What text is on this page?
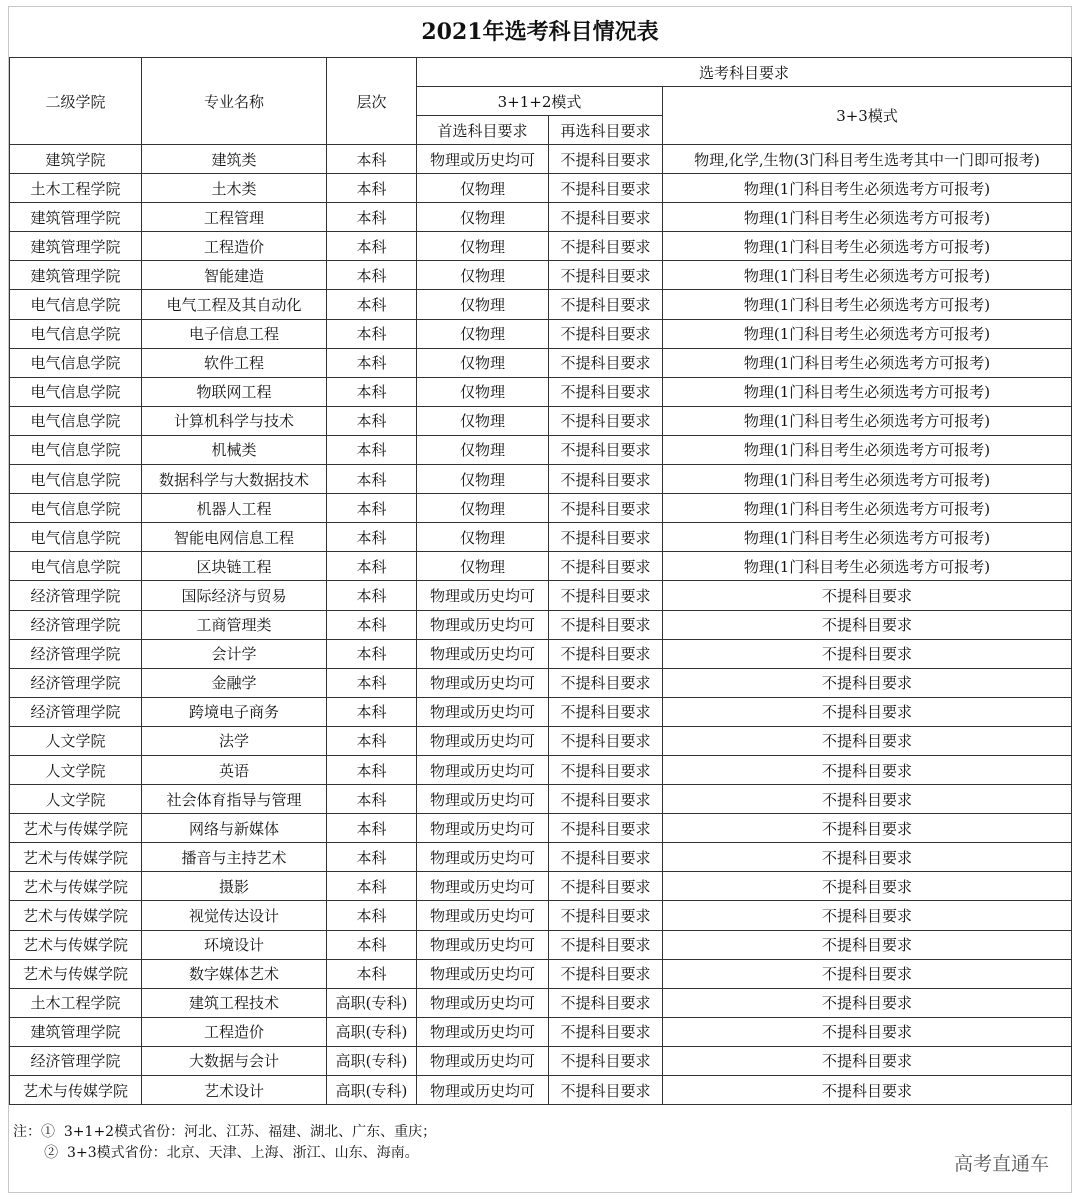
2021年选考科目情况表
二级学院	专业名称	层次	选考科目要求		
			3+1+2模式		3+3模式
			首选科目要求	再选科目要求	
建筑学院	建筑类	本科	物理或历史均可	不提科目要求	物理,化学,生物(3门科目考生选考其中一门即可报考)
土木工程学院	土木类	本科	仅物理	不提科目要求	物理(1门科目考生必须选考方可报考)
建筑管理学院	工程管理	本科	仅物理	不提科目要求	物理(1门科目考生必须选考方可报考)
建筑管理学院	工程造价	本科	仅物理	不提科目要求	物理(1门科目考生必须选考方可报考)
建筑管理学院	智能建造	本科	仅物理	不提科目要求	物理(1门科目考生必须选考方可报考)
电气信息学院	电气工程及其自动化	本科	仅物理	不提科目要求	物理(1门科目考生必须选考方可报考)
电气信息学院	电子信息工程	本科	仅物理	不提科目要求	物理(1门科目考生必须选考方可报考)
电气信息学院	软件工程	本科	仅物理	不提科目要求	物理(1门科目考生必须选考方可报考)
电气信息学院	物联网工程	本科	仅物理	不提科目要求	物理(1门科目考生必须选考方可报考)
电气信息学院	计算机科学与技术	本科	仅物理	不提科目要求	物理(1门科目考生必须选考方可报考)
电气信息学院	机械类	本科	仅物理	不提科目要求	物理(1门科目考生必须选考方可报考)
电气信息学院	数据科学与大数据技术	本科	仅物理	不提科目要求	物理(1门科目考生必须选考方可报考)
电气信息学院	机器人工程	本科	仅物理	不提科目要求	物理(1门科目考生必须选考方可报考)
电气信息学院	智能电网信息工程	本科	仅物理	不提科目要求	物理(1门科目考生必须选考方可报考)
电气信息学院	区块链工程	本科	仅物理	不提科目要求	物理(1门科目考生必须选考方可报考)
经济管理学院	国际经济与贸易	本科	物理或历史均可	不提科目要求	不提科目要求
经济管理学院	工商管理类	本科	物理或历史均可	不提科目要求	不提科目要求
经济管理学院	会计学	本科	物理或历史均可	不提科目要求	不提科目要求
经济管理学院	金融学	本科	物理或历史均可	不提科目要求	不提科目要求
经济管理学院	跨境电子商务	本科	物理或历史均可	不提科目要求	不提科目要求
人文学院	法学	本科	物理或历史均可	不提科目要求	不提科目要求
人文学院	英语	本科	物理或历史均可	不提科目要求	不提科目要求
人文学院	社会体育指导与管理	本科	物理或历史均可	不提科目要求	不提科目要求
艺术与传媒学院	网络与新媒体	本科	物理或历史均可	不提科目要求	不提科目要求
艺术与传媒学院	播音与主持艺术	本科	物理或历史均可	不提科目要求	不提科目要求
艺术与传媒学院	摄影	本科	物理或历史均可	不提科目要求	不提科目要求
艺术与传媒学院	视觉传达设计	本科	物理或历史均可	不提科目要求	不提科目要求
艺术与传媒学院	环境设计	本科	物理或历史均可	不提科目要求	不提科目要求
艺术与传媒学院	数字媒体艺术	本科	物理或历史均可	不提科目要求	不提科目要求
土木工程学院	建筑工程技术	高职(专科)	物理或历史均可	不提科目要求	不提科目要求
建筑管理学院	工程造价	高职(专科)	物理或历史均可	不提科目要求	不提科目要求
经济管理学院	大数据与会计	高职(专科)	物理或历史均可	不提科目要求	不提科目要求
艺术与传媒学院	艺术设计	高职(专科)	物理或历史均可	不提科目要求	不提科目要求
注：①  3+1+2模式省份：河北、江苏、福建、湖北、广东、重庆；
②  3+3模式省份：北京、天津、上海、浙江、山东、海南。	高考直通车
